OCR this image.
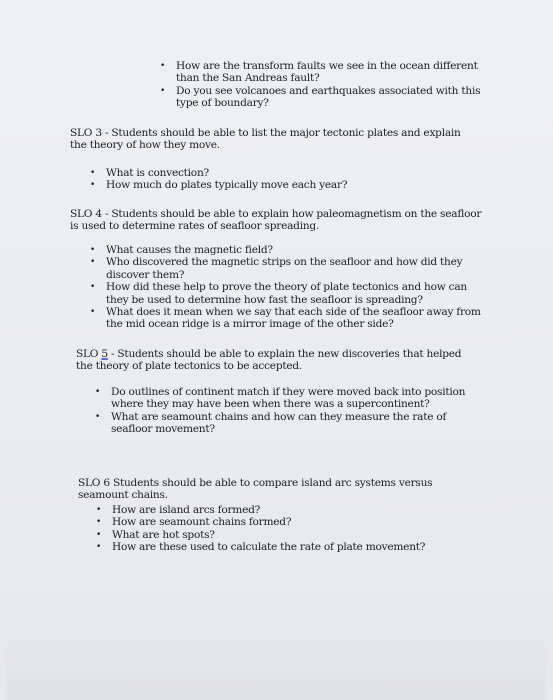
• How are the transform faults we see in the ocean different than the San Andreas fault?
• Do you see volcanoes and earthquakes associated with this type of boundary?

SLO 3 - Students should be able to list the major tectonic plates and explain the theory of how they move.

• What is convection?
• How much do plates typically move each year?

SLO 4 - Students should be able to explain how paleomagnetism on the seafloor is used to determine rates of seafloor spreading.

• What causes the magnetic field?
• Who discovered the magnetic strips on the seafloor and how did they discover them?
• How did these help to prove the theory of plate tectonics and how can they be used to determine how fast the seafloor is spreading?
• What does it mean when we say that each side of the seafloor away from the mid ocean ridge is a mirror image of the other side?

SLO 5 - Students should be able to explain the new discoveries that helped the theory of plate tectonics to be accepted.

• Do outlines of continent match if they were moved back into position where they may have been when there was a supercontinent?
• What are seamount chains and how can they measure the rate of seafloor movement?

SLO 6 Students should be able to compare island arc systems versus seamount chains.

• How are island arcs formed?
• How are seamount chains formed?
• What are hot spots?
• How are these used to calculate the rate of plate movement?
